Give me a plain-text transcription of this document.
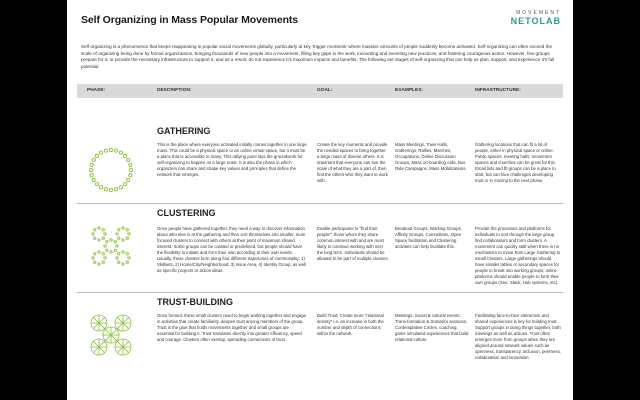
Self Organizing in Mass Popular Movements
MOVEMENT
NETOLAB
Self-organizing is a phenomenon that keeps reappearing in popular social movements globally, particularly at key 'trigger moments' where massive amounts of people suddenly become activated. Self-organizing can often exceed the scale of organizing being done by formal organizations, bringing thousands of new people into a movement, filling key gaps in the work, innovating and inventing new practices, and fostering courageous action. However, few groups prepare for it, or provide the necessary infrastructure to support it, and as a result, do not experience it's maximum impacts and benefits. The following are stages of self-organizing that can help us plan, support, and experience it's full potential.
PHASE:	DESCRIPTION:	GOAL:	EXAMPLES:	INFRASTRUCTURE:
GATHERING
This is the place where everyone activated initially comes together in one large mass. This could be a physical space or an online virtual space, but it must be a place that is accessible to many. This rallying point lays the groundwork for self-organizing to happen on a large scale. It is also the phase in which organizers can share and shape key values and principles that define the network that emerges.
Create the key moments and provide the needed spaces to bring together a large mass of diverse others. It is important that everyone can see the scale of what they are a part of, then find the others who they want to work with.
Mass Meetings, Town Halls, Gatherings, Rallies, Marches, Occupations, Online Discussion Groups, Mass on-boarding calls, Bus Ride Campaigns, Mass Mobilizations.
Gathering locations that can fit a lot of people, either in physical space or online. Public spaces, meeting halls, movement spaces and churches can be great for this. Email lists and fb groups can be a place to start, but can face challenges developing trust or in moving to the next phase.
CLUSTERING
Once people have gathered together, they need a way to discover information about who else is at the gathering and then sort themselves into smaller, more focused clusters to connect with others at their point of maximum shared interest. Some groups can be curated or predefined, but people should have the flexibility to initiate and form their own according to their own needs. Usually, these clusters form along four different trajectories of commonality: 1) Skillsets, 2) Home/City/Neighborhood, 3) Issue Area, 4) Identity Group, as well as specific projects or action ideas.
Enable participants to "find their people": those whom they share common interest with and are most likely to continue working with over the long term. Individuals should be allowed to be part of multiple clusters.
Breakout Groups, Working Groups, Affinity Groups, Committees. Open Space facilitation and Clustering activities can help facilitate this.
Provide the processes and platforms for individuals to sort through the large group, find collaborators and form clusters. A movement can quickly stall when there is no mechanism to move from Large Gathering to Small Clusters. Large gatherings should have smaller tables or secondary spaces for people to break into working groups; online platforms should enable people to form their own groups (See: Slack, Hub systems, etc).
TRUST-BUILDING
Once formed, these small clusters need to begin working together and engage in activities that create familiarity, deepen trust among members of the group. Trust is the glue that holds movements together and small groups are essential for building it. Trust translates directly into greater efficiency, speed and courage. Clusters often overlap, spreading connections of trust.
Build Trust: Create more "relational density" i.e. an increase in both the number and depth of connections within the network.
Meetings, Social & cultural events, Trans-formation & Somatics sessions, Contemplative Circles, coaching, game simulated experiences that build relational culture.
Facilitating face-to-face interaction and shared experiences is key for building trust. Support groups in doing things together, both meetings as well as actions. Trust often emerges more from groups when they are aligned around network values such as openness, transparency, inclusion, peerness, collaboration and innovation.
